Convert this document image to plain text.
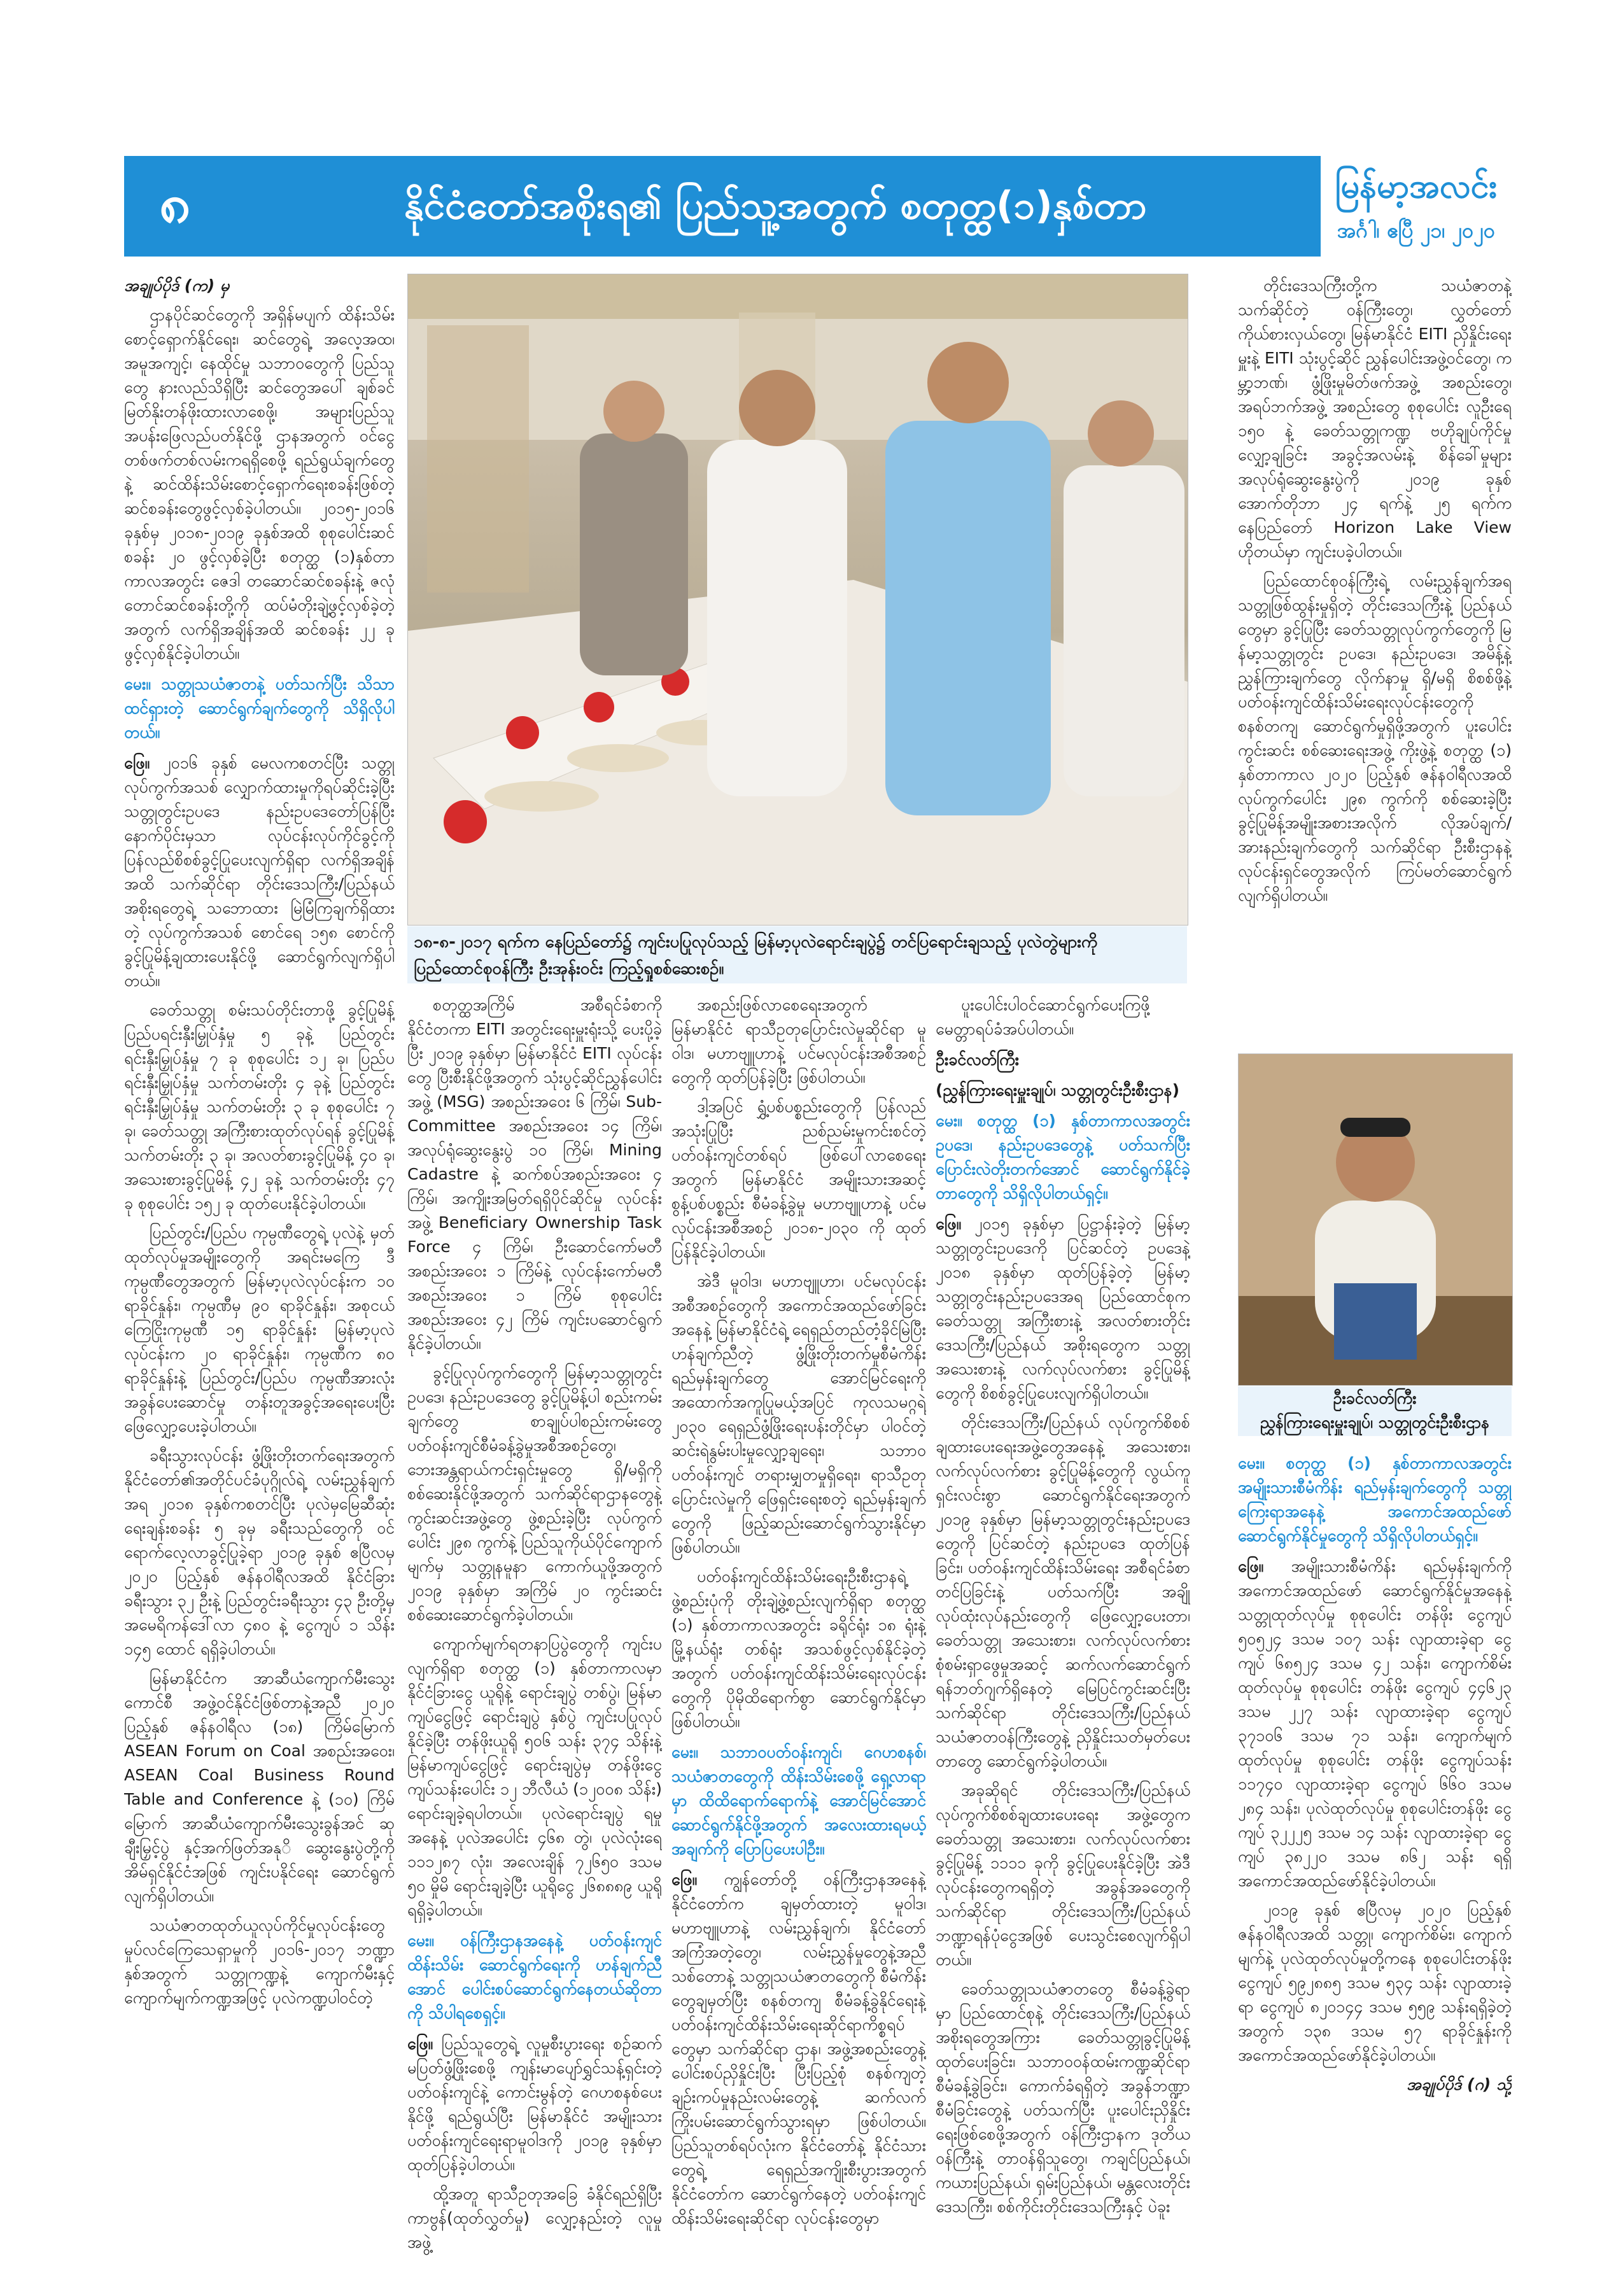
၈	နိုင်ငံတော်အစိုးရ၏ ပြည်သူ့အတွက် စတုတ္ထ(၁)နှစ်တာ	မြန်မာ့အလင်း
အင်္ဂါ၊ ဧပြီ ၂၁၊ ၂၀၂၀

အချုပ်ပိုဒ် (က) မှ

ဌာနပိုင်ဆင်တွေကို အရှိန်မပျက် ထိန်းသိမ်းစောင့်ရှောက်နိုင်ရေး၊ ဆင်တွေရဲ့ အလေ့အထ၊ အမူအကျင့်၊ နေထိုင်မှု သဘာဝတွေကို ပြည်သူတွေ နားလည်သိရှိပြီး ဆင်တွေအပေါ် ချစ်ခင်မြတ်နိုးတန်ဖိုးထားလာစေဖို့၊ အများပြည်သူ အပန်းဖြေလည်ပတ်နိုင်ဖို့ ဌာနအတွက် ဝင်ငွေတစ်ဖက်တစ်လမ်းကရရှိစေဖို့ ရည်ရွယ်ချက်တွေနဲ့ ဆင်ထိန်းသိမ်းစောင့်ရှောက်ရေးစခန်းဖြစ်တဲ့ ဆင်စခန်းတွေဖွင့်လှစ်ခဲ့ပါတယ်။ ၂၀၁၅-၂၀၁၆ ခုနှစ်မှ ၂၀၁၈-၂၀၁၉ ခုနှစ်အထိ စုစုပေါင်းဆင်စခန်း ၂၀ ဖွင့်လှစ်ခဲ့ပြီး စတုတ္ထ (၁)နှစ်တာကာလအတွင်း ဇေဒါ တဆောင်ဆင်စခန်းနဲ့ ဇလုံတောင်ဆင်စခန်းတို့ကို ထပ်မံတိုးချဲ့ဖွင့်လှစ်ခဲ့တဲ့အတွက် လက်ရှိအချိန်အထိ ဆင်စခန်း ၂၂ ခု ဖွင့်လှစ်နိုင်ခဲ့ပါတယ်။

မေး။ သတ္တုသယံဇာတနဲ့ ပတ်သက်ပြီး သိသာထင်ရှားတဲ့ ဆောင်ရွက်ချက်တွေကို သိရှိလိုပါတယ်။

ဖြေ။ ၂၀၁၆ ခုနှစ် မေလကစတင်ပြီး သတ္တုလုပ်ကွက်အသစ် လျှောက်ထားမှုကိုရပ်ဆိုင်းခဲ့ပြီး သတ္တုတွင်းဥပဒေ နည်းဥပဒေတော်ပြန်ပြီးနောက်ပိုင်းမှသာ လုပ်ငန်းလုပ်ကိုင်ခွင့်ကို ပြန်လည်စိစစ်ခွင့်ပြုပေးလျက်ရှိရာ လက်ရှိအချိန်အထိ သက်ဆိုင်ရာ တိုင်းဒေသကြီး/ပြည်နယ် အစိုးရတွေရဲ့ သဘောထား မြဲမြံကြချက်ရှိထားတဲ့ လုပ်ကွက်အသစ် စောင်ရေ ၁၅၈ စောင်ကို ခွင့်ပြုမိန့်ချထားပေးနိုင်ဖို့ ဆောင်ရွက်လျက်ရှိပါတယ်။

ခေတ်သတ္တု စမ်းသပ်တိုင်းတာဖို့ ခွင့်ပြုမိန့် ပြည်ပရင်းနှီးမြှုပ်နှံမှု ၅ ခုနဲ့ ပြည်တွင်းရင်းနှီးမြှုပ်နှံမှု ၇ ခု စုစုပေါင်း ၁၂ ခု၊ ပြည်ပရင်းနှီးမြှုပ်နှံမှု သက်တမ်းတိုး ၄ ခုနဲ့ ပြည်တွင်းရင်းနှီးမြှုပ်နှံမှု သက်တမ်းတိုး ၃ ခု စုစုပေါင်း ၇ ခု၊ ခေတ်သတ္တု အကြီးစားထုတ်လုပ်ရန် ခွင့်ပြုမိန့် သက်တမ်းတိုး ၃ ခု၊ အလတ်စားခွင့်ပြုမိန့် ၄၀ ခု၊ အသေးစားခွင့်ပြုမိန့် ၄၂ ခုနဲ့ သက်တမ်းတိုး ၄၇ ခု စုစုပေါင်း ၁၅၂ ခု ထုတ်ပေးနိုင်ခဲ့ပါတယ်။

ပြည်တွင်း/ပြည်ပ ကုမ္ပဏီတွေရဲ့ ပုလဲနဲ့ မှတ်ထုတ်လုပ်မှုအမျိုးတွေကို အရင်းမကြေ ဒီ ကုမ္ပဏီတွေအတွက် မြန်မာ့ပုလဲလုပ်ငန်းက ၁၀ ရာခိုင်နှုန်း၊ ကုမ္ပဏီမှ ၉၀ ရာခိုင်နှုန်း၊ အစုငယ်ကြေငြိုးကုမ္ပဏီ ၁၅ ရာခိုင်နှုန်း မြန်မာ့ပုလဲလုပ်ငန်းက ၂၀ ရာခိုင်နှုန်း၊ ကုမ္ပဏီက ၈၀ ရာခိုင်နှုန်းနဲ့ ပြည်တွင်း/ပြည်ပ ကုမ္ပဏီအားလုံးအခွန်ပေးဆောင်မှု တန်းတူအခွင့်အရေးပေးပြီး ဖြေလျှော့ပေးခဲ့ပါတယ်။

ခရီးသွားလုပ်ငန်း ဖွံ့ဖြိုးတိုးတက်ရေးအတွက် နိုင်ငံတော်၏အတိုင်ပင်ခံပုဂ္ဂိုလ်ရဲ့ လမ်းညွှန်ချက်အရ ၂၀၁၈ ခုနှစ်ကစတင်ပြီး ပုလဲမှမြေဆီဆုံးရေးချန်းစခန်း ၅ ခုမှ ခရီးသည်တွေကို ဝင်ရောက်လေ့လာခွင့်ပြုခဲ့ရာ ၂၀၁၉ ခုနှစ် ဧပြီလမှ ၂၀၂၀ ပြည့်နှစ် ဇန်နဝါရီလအထိ နိုင်ငံခြားခရီးသွား ၃၂ ဦးနဲ့ ပြည်တွင်းခရီးသွား ၄၃ ဦးတို့မှ အမေရိကန်ဒေါ်လာ ၄၈၀ နဲ့ ငွေကျပ် ၁ သိန်း ၁၄၅ ထောင် ရရှိခဲ့ပါတယ်။

မြန်မာနိုင်ငံက အာဆီယံကျောက်မီးသွေးကောင်စီ အဖွဲ့ဝင်နိုင်ငံဖြစ်တာနဲ့အညီ ၂၀၂၀ ပြည့်နှစ် ဇန်နဝါရီလ (၁၈) ကြိမ်မြောက် ASEAN Forum on Coal အစည်းအဝေး၊ ASEAN Coal Business Round Table and Conference နဲ့ (၁၀) ကြိမ်မြောက် အာဆီယံကျောက်မီးသွေးခွန်အင် ဆုချီးမြှင့်ပွဲ နှင့်အက်ဖြတ်အနုိ ဆွေးနွေးပွဲတို့ကို အိမ်ရှင်နိုင်ငံအဖြစ် ကျင်းပနိုင်ရေး ဆောင်ရွက်လျက်ရှိပါတယ်။

သယံဇာတထုတ်ယူလုပ်ကိုင်မှုလုပ်ငန်းတွေ မှုပ်လင်ကြေသေရှာမှုကို ၂၀၁၆-၂၀၁၇ ဘဏ္ဍာနှစ်အတွက် သတ္တုကဏ္ဍနဲ့ ကျောက်မီးနှင့် ကျောက်မျက်ကဏ္ဍအဖြင့် ပုလဲကဏ္ဍပါဝင်တဲ့

၁၈-၈-၂၀၁၇ ရက်က နေပြည်တော်၌ ကျင်းပပြုလုပ်သည့် မြန်မာ့ပုလဲရောင်းချပွဲ၌ တင်ပြရောင်းချသည့် ပုလဲတွဲများကို ပြည်ထောင်စုဝန်ကြီး ဦးအုန်းဝင်း ကြည့်ရှုစစ်ဆေးစဉ်။

စတုတ္ထအကြိမ် အစီရင်ခံစာကို နိုင်ငံတကာ EITI အတွင်းရေးမှူးရုံးသို့ ပေးပို့ခဲ့ပြီး ၂၀၁၉ ခုနှစ်မှာ မြန်မာနိုင်ငံ EITI လုပ်ငန်းတွေ ပြီးစီးနိုင်ဖို့အတွက် သုံးပွင့်ဆိုင်ညွှန်ပေါင်းအဖွဲ့ (MSG) အစည်းအဝေး ၆ ကြိမ်၊ Sub-Committee အစည်းအဝေး ၁၄ ကြိမ်၊ အလုပ်ရုံဆွေးနွေးပွဲ ၁၀ ကြိမ်၊ Mining Cadastre နဲ့ ဆက်စပ်အစည်းအဝေး ၄ ကြိမ်၊ အကျိုးအမြတ်ရရှိပိုင်ဆိုင်မှု လုပ်ငန်းအဖွဲ့ Beneficiary Ownership Task Force ၄ ကြိမ်၊ ဦးဆောင်ကော်မတီ အစည်းအဝေး ၁ ကြိမ်နဲ့ လုပ်ငန်းကော်မတီအစည်းအဝေး ၁ ကြိမ် စုစုပေါင်း အစည်းအဝေး ၄၂ ကြိမ် ကျင်းပဆောင်ရွက်နိုင်ခဲ့ပါတယ်။

ခွင့်ပြုလုပ်ကွက်တွေကို မြန်မာ့သတ္တုတွင်းဥပဒေ၊ နည်းဥပဒေတွေ ခွင့်ပြုမိန့်ပါ စည်းကမ်းချက်တွေ စာချုပ်ပါစည်းကမ်းတွေ ပတ်ဝန်းကျင်စီမံခန့်ခွဲမှုအစီအစဉ်တွေ၊ ဘေးအန္တရာယ်ကင်းရှင်းမှုတွေ ရှိ/မရှိကို စစ်ဆေးနိုင်ဖို့အတွက် သက်ဆိုင်ရာဌာနတွေနဲ့ ကွင်းဆင်းအဖွဲ့တွေ ဖွဲ့စည်းခဲ့ပြီး လုပ်ကွက်ပေါင်း ၂၉၈ ကွက်နဲ့ ပြည်သူကိုယ်ပိုင်ကျောက်မျက်မှ သတ္တုနမူနာ ကောက်ယူဖို့အတွက် ၂၀၁၉ ခုနှစ်မှာ အကြိမ် ၂၀ ကွင်းဆင်းစစ်ဆေးဆောင်ရွက်ခဲ့ပါတယ်။

ကျောက်မျက်ရတနာပြပွဲတွေကို ကျင်းပလျက်ရှိရာ စတုတ္ထ (၁) နှစ်တာကာလမှာ နိုင်ငံခြားငွေ ယူရိုနဲ့ ရောင်းချပွဲ တစ်ပွဲ၊ မြန်မာကျပ်ငွေဖြင့် ရောင်းချပွဲ နှစ်ပွဲ ကျင်းပပြုလုပ်နိုင်ခဲ့ပြီး တန်ဖိုးယူရို ၅၀၆ သန်း ၃၇၄ သိန်းနဲ့ မြန်မာကျပ်ငွေဖြင့် ရောင်းချပွဲမှ တန်ဖိုးငွေကျပ်သန်းပေါင်း ၁၂ ဘီလီယံ (၁၂၀၀၈ သိန်း) ရောင်းချခဲ့ရပါတယ်။ ပုလဲရောင်းချပွဲ ရမှုအနေနဲ့ ပုလဲအပေါင်း ၄၆၈ တွဲ၊ ပုလဲလုံးရေ ၁၁၁၂၈၇ လုံး၊ အလေးချိန် ၇၂၆၅၀ ဒသမ ၅၀ မှိုမိ ရောင်းချခဲ့ပြီး ယူရိုငွေ ၂၆၈၈၈၉ ယူရို ရရှိခဲ့ပါတယ်။

မေး။ ဝန်ကြီးဌာနအနေနဲ့ ပတ်ဝန်းကျင် ထိန်းသိမ်း ဆောင်ရွက်ရေးကို ဟန်ချက်ညီအောင် ပေါင်းစပ်ဆောင်ရွက်နေတယ်ဆိုတာကို သိပါရစေရှင့်။

ဖြေ။ ပြည်သူတွေရဲ့ လူမှုစီးပွားရေး စဉ်ဆက်မပြတ်ဖွံ့ဖြိုးစေဖို့ ကျန်းမာပျော်ရွှင်သန့်ရှင်းတဲ့ ပတ်ဝန်းကျင်နဲ့ ကောင်းမွန်တဲ့ ဂေဟစနစ်ပေးနိုင်ဖို့ ရည်ရွယ်ပြီး မြန်မာနိုင်ငံ အမျိုးသားပတ်ဝန်းကျင်ရေးရာမူဝါဒကို ၂၀၁၉ ခုနှစ်မှာ ထုတ်ပြန်ခဲ့ပါတယ်။

ထို့အတူ ရာသီဥတုအခြေ ခံနိုင်ရည်ရှိပြီး ကာဗွန်(ထုတ်လွှတ်မှု) လျှော့နည်းတဲ့ လူမှုအဖွဲ့

အစည်းဖြစ်လာစေရေးအတွက် မြန်မာနိုင်ငံ ရာသီဥတုပြောင်းလဲမှုဆိုင်ရာ မူဝါဒ၊ မဟာဗျူဟာနဲ့ ပင်မလုပ်ငန်းအစီအစဉ်တွေကို ထုတ်ပြန်ခဲ့ပြီး ဖြစ်ပါတယ်။

ဒါ့အပြင် ရွှံ့ပစ်ပစ္စည်းတွေကို ပြန်လည်အသုံးပြုပြီး ညစ်ညမ်းမှုကင်းစင်တဲ့ ပတ်ဝန်းကျင်တစ်ရပ် ဖြစ်ပေါ်လာစေရေးအတွက် မြန်မာနိုင်ငံ အမျိုးသားအဆင့် စွန့်ပစ်ပစ္စည်း စီမံခန့်ခွဲမှု မဟာဗျူဟာနဲ့ ပင်မလုပ်ငန်းအစီအစဉ် ၂၀၁၈-၂၀၃၀ ကို ထုတ်ပြန်နိုင်ခဲ့ပါတယ်။

အဲဒီ မူဝါဒ၊ မဟာဗျူဟာ၊ ပင်မလုပ်ငန်းအစီအစဉ်တွေကို အကောင်အထည်ဖော်ခြင်းအနေနဲ့ မြန်မာနိုင်ငံရဲ့ ရေရှည်တည်တံ့ခိုင်မြဲပြီး ဟန်ချက်ညီတဲ့ ဖွံ့ဖြိုးတိုးတက်မှုစီမံကိန်း ရည်မှန်းချက်တွေ အောင်မြင်ရေးကို အထောက်အကူပြုမယ့်အပြင် ကုလသမဂ္ဂရဲ့ ၂၀၃၀ ရေရှည်ဖွံ့ဖြိုးရေးပန်းတိုင်မှာ ပါဝင်တဲ့ ဆင်းရဲနွမ်းပါးမှုလျှော့ချရေး၊ သဘာဝပတ်ဝန်းကျင် တရားမျှတမှုရှိရေး၊ ရာသီဥတုပြောင်းလဲမှုကို ဖြေရှင်းရေးစတဲ့ ရည်မှန်းချက်တွေကို ဖြည့်ဆည်းဆောင်ရွက်သွားနိုင်မှာ ဖြစ်ပါတယ်။

ပတ်ဝန်းကျင်ထိန်းသိမ်းရေးဦးစီးဌာနရဲ့ ဖွဲ့စည်းပုံကို တိုးချဲ့ဖွဲ့စည်းလျက်ရှိရာ စတုတ္ထ (၁) နှစ်တာကာလအတွင်း ခရိုင်ရုံး ၁၈ ရုံးနဲ့ မြို့နယ်ရုံး တစ်ရုံး အသစ်ဖွင့်လှစ်နိုင်ခဲ့တဲ့ အတွက် ပတ်ဝန်းကျင်ထိန်းသိမ်းရေးလုပ်ငန်းတွေကို ပိုမိုထိရောက်စွာ ဆောင်ရွက်နိုင်မှာ ဖြစ်ပါတယ်။

မေး။ သဘာဝပတ်ဝန်းကျင်၊ ဂေဟစနစ်၊ သယံဇာတတွေကို ထိန်းသိမ်းစေဖို့ ရှေ့လာရာမှာ ထိထိရောက်ရောက်နဲ့ အောင်မြင်အောင် ဆောင်ရွက်နိုင်ဖို့အတွက် အလေးထားရမယ့်အချက်ကို ပြောပြပေးပါဦး။

ဖြေ။ ကျွန်တော်တို့ ဝန်ကြီးဌာနအနေနဲ့ နိုင်ငံတော်က ချမှတ်ထားတဲ့ မူဝါဒ၊ မဟာဗျူဟာနဲ့ လမ်းညွှန်ချက်၊ နိုင်ငံတော်အကြံအတဲ့တွေ၊ လမ်းညွှန်မှုတွေနဲ့အညီ သစ်တောနဲ့ သတ္တုသယံဇာတတွေကို စီမံကိန်းတွေချမှတ်ပြီး စနစ်တကျ စီမံခန့်ခွဲနိုင်ရေးနဲ့ ပတ်ဝန်းကျင်ထိန်းသိမ်းရေးဆိုင်ရာကိစ္စရပ်တွေမှာ သက်ဆိုင်ရာ ဌာန၊ အဖွဲ့အစည်းတွေနဲ့ ပေါင်းစပ်ညှိနှိုင်းပြီး ပြီးပြည့်စုံ စနစ်ကျတဲ့ ချဉ်းကပ်မှုနည်းလမ်းတွေနဲ့ ဆက်လက်ကြိုးပမ်းဆောင်ရွက်သွားရမှာ ဖြစ်ပါတယ်။ ပြည်သူတစ်ရပ်လုံးက နိုင်ငံတော်နဲ့ နိုင်ငံသားတွေရဲ့ ရေရှည်အကျိုးစီးပွားအတွက် နိုင်ငံတော်က ဆောင်ရွက်နေတဲ့ ပတ်ဝန်းကျင် ထိန်းသိမ်းရေးဆိုင်ရာ လုပ်ငန်းတွေမှာ

ပူးပေါင်းပါဝင်ဆောင်ရွက်ပေးကြဖို့ မေတ္တာရပ်ခံအပ်ပါတယ်။

ဦးခင်လတ်ကြီး

(ညွှန်ကြားရေးမှူးချုပ်၊ သတ္တုတွင်းဦးစီးဌာန)

မေး။ စတုတ္ထ (၁) နှစ်တာကာလအတွင်း ဥပဒေ၊ နည်းဥပဒေတွေနဲ့ ပတ်သက်ပြီး ပြောင်းလဲတိုးတက်အောင် ဆောင်ရွက်နိုင်ခဲ့တာတွေကို သိရှိလိုပါတယ်ရှင့်။

ဖြေ။ ၂၀၁၅ ခုနှစ်မှာ ပြဋ္ဌာန်းခဲ့တဲ့ မြန်မာ့သတ္တုတွင်းဥပဒေကို ပြင်ဆင်တဲ့ ဥပဒေနဲ့ ၂၀၁၈ ခုနှစ်မှာ ထုတ်ပြန်ခဲ့တဲ့ မြန်မာ့သတ္တုတွင်းနည်းဥပဒေအရ ပြည်ထောင်စုက ခေတ်သတ္တု အကြီးစားနဲ့ အလတ်စားတိုင်းဒေသကြီး/ပြည်နယ် အစိုးရတွေက သတ္တုအသေးစားနဲ့ လက်လုပ်လက်စား ခွင့်ပြုမိန့်တွေကို စိစစ်ခွင့်ပြုပေးလျက်ရှိပါတယ်။

တိုင်းဒေသကြီး/ပြည်နယ် လုပ်ကွက်စိစစ်ချထားပေးရေးအဖွဲ့တွေအနေနဲ့ အသေးစား၊ လက်လုပ်လက်စား ခွင့်ပြုမိန့်တွေကို လွယ်ကူရှင်းလင်းစွာ ဆောင်ရွက်နိုင်ရေးအတွက် ၂၀၁၉ ခုနှစ်မှာ မြန်မာ့သတ္တုတွင်းနည်းဥပဒေတွေကို ပြင်ဆင်တဲ့ နည်းဥပဒေ ထုတ်ပြန်ခြင်း၊ ပတ်ဝန်းကျင်ထိန်းသိမ်းရေး အစီရင်ခံစာတင်ပြခြင်းနဲ့ ပတ်သက်ပြီး အချို့လုပ်ထုံးလုပ်နည်းတွေကို ဖြေလျှော့ပေးတာ၊ ခေတ်သတ္တု အသေးစား၊ လက်လုပ်လက်စားစုံစမ်းရှာဖွေမှုအဆင့် ဆက်လက်ဆောင်ရွက်ရန်ဘတ်ဂျက်ရှိနေတဲ့ မြေပြင်ကွင်းဆင်းပြီး သက်ဆိုင်ရာ တိုင်းဒေသကြီး/ပြည်နယ် သယံဇာတဝန်ကြီးတွေနဲ့ ညှိနှိုင်းသတ်မှတ်ပေးတာတွေ ဆောင်ရွက်ခဲ့ပါတယ်။

အခုဆိုရင် တိုင်းဒေသကြီး/ပြည်နယ် လုပ်ကွက်စိစစ်ချထားပေးရေး အဖွဲ့တွေက ခေတ်သတ္တု အသေးစား၊ လက်လုပ်လက်စား ခွင့်ပြုမိန့် ၁၁၁၁ ခုကို ခွင့်ပြုပေးနိုင်ခဲ့ပြီး အဲဒီလုပ်ငန်းတွေကရရှိတဲ့ အခွန်အခတွေကို သက်ဆိုင်ရာ တိုင်းဒေသကြီး/ပြည်နယ် ဘဏ္ဍာရန်ပုံငွေအဖြစ် ပေးသွင်းစေလျက်ရှိပါတယ်။

ခေတ်သတ္တုသယံဇာတတွေ စီမံခန့်ခွဲရာမှာ ပြည်ထောင်စုနဲ့ တိုင်းဒေသကြီး/ပြည်နယ် အစိုးရတွေအကြား ခေတ်သတ္တုခွင့်ပြုမိန့် ထုတ်ပေးခြင်း၊ သဘာဝဝန်ထမ်းကဏ္ဍဆိုင်ရာ စီမံခန့်ခွဲခြင်း၊ ကောက်ခံရရှိတဲ့ အခွန်ဘဏ္ဍာ စီမံခြင်းတွေနဲ့ ပတ်သက်ပြီး ပူးပေါင်းညှိနှိုင်း ရေးဖြစ်စေဖို့အတွက် ဝန်ကြီးဌာနက ဒုတိယဝန်ကြီးနဲ့ တာဝန်ရှိသူတွေ၊ ကချင်ပြည်နယ်၊ ကယားပြည်နယ်၊ ရှမ်းပြည်နယ်၊ မန္တလေးတိုင်းဒေသကြီး၊ စစ်ကိုင်းတိုင်းဒေသကြီးနှင့် ပဲခူး

တိုင်းဒေသကြီးတို့က သယံဇာတနဲ့ သက်ဆိုင်တဲ့ ဝန်ကြီးတွေ၊ လွှတ်တော်ကိုယ်စားလှယ်တွေ၊ မြန်မာနိုင်ငံ EITI ညှိနှိုင်းရေးမှူးနဲ့ EITI သုံးပွင့်ဆိုင် ညွှန်ပေါင်းအဖွဲ့ဝင်တွေ၊ ကမ္ဘာ့ဘဏ်၊ ဖွံ့ဖြိုးမှုမိတ်ဖက်အဖွဲ့ အစည်းတွေ၊ အရပ်ဘက်အဖွဲ့ အစည်းတွေ စုစုပေါင်း လူဦးရေ ၁၅၀ နဲ့ ခေတ်သတ္တုကဏ္ဍ ဗဟိုချုပ်ကိုင်မှု လျှော့ချခြင်း အခွင့်အလမ်းနဲ့ စိန်ခေါ်မှုများ အလုပ်ရုံဆွေးနွေးပွဲကို ၂၀၁၉ ခုနှစ် အောက်တိုဘာ ၂၄ ရက်နဲ့ ၂၅ ရက်က နေပြည်တော် Horizon Lake View ဟိုတယ်မှာ ကျင်းပခဲ့ပါတယ်။

ပြည်ထောင်စုဝန်ကြီးရဲ့ လမ်းညွှန်ချက်အရ သတ္တုဖြစ်ထွန်းမှုရှိတဲ့ တိုင်းဒေသကြီးနဲ့ ပြည်နယ်တွေမှာ ခွင့်ပြုပြီး ခေတ်သတ္တုလုပ်ကွက်တွေကို မြန်မာ့သတ္တုတွင်း ဥပဒေ၊ နည်းဥပဒေ၊ အမိန့်နဲ့ ညွှန်ကြားချက်တွေ လိုက်နာမှု ရှိ/မရှိ စိစစ်ဖို့နဲ့ ပတ်ဝန်းကျင်ထိန်းသိမ်းရေးလုပ်ငန်းတွေကို စနစ်တကျ ဆောင်ရွက်မှုရှိဖို့အတွက် ပူးပေါင်းကွင်းဆင်း စစ်ဆေးရေးအဖွဲ့ ကိုးဖွဲ့နဲ့ စတုတ္ထ (၁) နှစ်တာကာလ ၂၀၂၀ ပြည့်နှစ် ဇန်နဝါရီလအထိ လုပ်ကွက်ပေါင်း ၂၉၈ ကွက်ကို စစ်ဆေးခဲ့ပြီး ခွင့်ပြုမိန့်အမျိုးအစားအလိုက် လိုအပ်ချက်/အားနည်းချက်တွေကို သက်ဆိုင်ရာ ဦးစီးဌာနနဲ့ လုပ်ငန်းရှင်တွေအလိုက် ကြပ်မတ်ဆောင်ရွက်လျက်ရှိပါတယ်။

ဦးခင်လတ်ကြီး
ညွှန်ကြားရေးမှူးချုပ်၊ သတ္တုတွင်းဦးစီးဌာန

မေး။ စတုတ္ထ (၁) နှစ်တာကာလအတွင်း အမျိုးသားစီမံကိန်း ရည်မှန်းချက်တွေကို သတ္တုကြေးရာအနေနဲ့ အကောင်အထည်ဖော် ဆောင်ရွက်နိုင်မှုတွေကို သိရှိလိုပါတယ်ရှင့်။

ဖြေ။ အမျိုးသားစီမံကိန်း ရည်မှန်းချက်ကို အကောင်အထည်ဖော် ဆောင်ရွက်နိုင်မှုအနေနဲ့ သတ္တုထုတ်လုပ်မှု စုစုပေါင်း တန်ဖိုး ငွေကျပ် ၅၀၅၂၄ ဒသမ ၁၀၇ သန်း လျာထားခဲ့ရာ ငွေကျပ် ၆၈၅၂၄ ဒသမ ၄၂ သန်း၊ ကျောက်စိမ်းထုတ်လုပ်မှု စုစုပေါင်း တန်ဖိုး ငွေကျပ် ၄၄၆၂၃ ဒသမ ၂၂၇ သန်း လျာထားခဲ့ရာ ငွေကျပ် ၃၇၁၀၆ ဒသမ ၇၁ သန်း၊ ကျောက်မျက်ထုတ်လုပ်မှု စုစုပေါင်း တန်ဖိုး ငွေကျပ်သန်း ၁၁၇၄၀ လျာထားခဲ့ရာ ငွေကျပ် ၆၆၀ ဒသမ ၂၈၄ သန်း၊ ပုလဲထုတ်လုပ်မှု စုစုပေါင်းတန်ဖိုး ငွေကျပ် ၃၂၂၂၅ ဒသမ ၁၄ သန်း လျာထားခဲ့ရာ ငွေကျပ် ၃၈၂၂၀ ဒသမ ၈၆၂ သန်း ရရှိအကောင်အထည်ဖော်နိုင်ခဲ့ပါတယ်။

၂၀၁၉ ခုနှစ် ဧပြီလမှ ၂၀၂၀ ပြည့်နှစ် ဇန်နဝါရီလအထိ သတ္တု၊ ကျောက်စိမ်း၊ ကျောက်မျက်နဲ့ ပုလဲထုတ်လုပ်မှုတို့ကနေ စုစုပေါင်းတန်ဖိုး ငွေကျပ် ၅၉၂၈၈၅ ဒသမ ၅၃၄ သန်း လျာထားခဲ့ရာ ငွေကျပ် ၈၂၀၁၄၄ ဒသမ ၅၅၉ သန်းရရှိခဲ့တဲ့အတွက် ၁၃၈ ဒသမ ၅၇ ရာခိုင်နှုန်းကို အကောင်အထည်ဖော်နိုင်ခဲ့ပါတယ်။

အချုပ်ပိုဒ် (ဂ) သို့
